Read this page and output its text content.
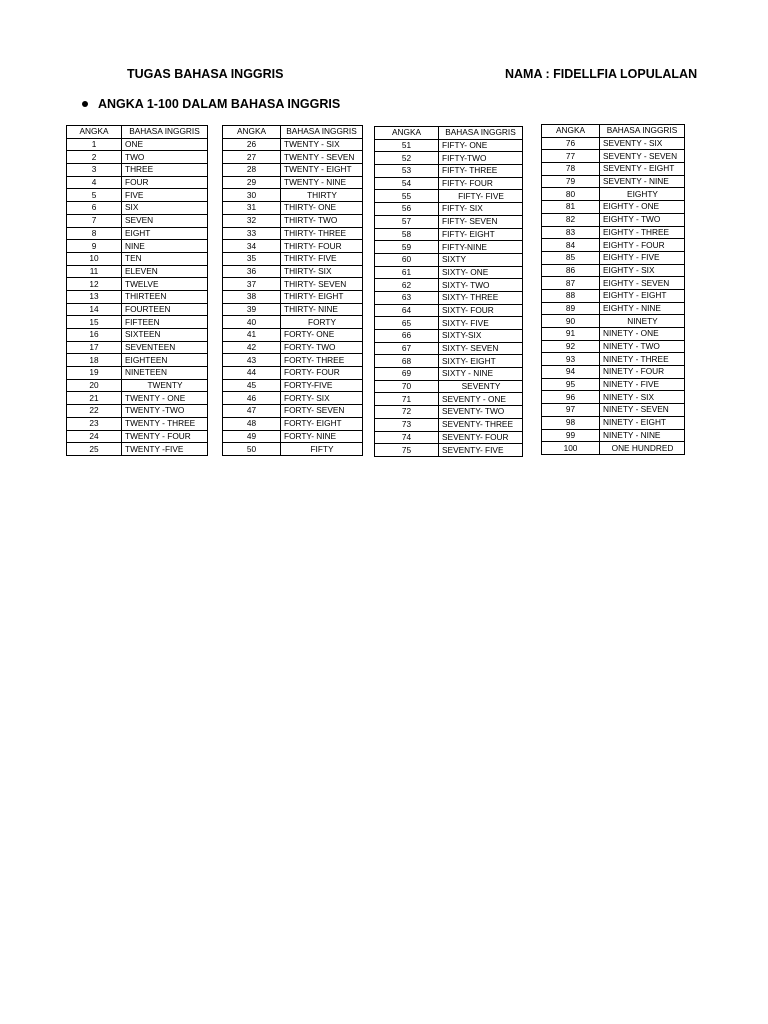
TUGAS BAHASA INGGRIS	NAMA : FIDELLFIA LOPULALAN
ANGKA 1-100 DALAM BAHASA INGGRIS
ANGKA	BAHASA INGGRIS
1	ONE
2	TWO
3	THREE
4	FOUR
5	FIVE
6	SIX
7	SEVEN
8	EIGHT
9	NINE
10	TEN
11	ELEVEN
12	TWELVE
13	THIRTEEN
14	FOURTEEN
15	FIFTEEN
16	SIXTEEN
17	SEVENTEEN
18	EIGHTEEN
19	NINETEEN
20	TWENTY
21	TWENTY - ONE
22	TWENTY -TWO
23	TWENTY - THREE
24	TWENTY - FOUR
25	TWENTY -FIVE
ANGKA	BAHASA INGGRIS
26	TWENTY - SIX
27	TWENTY - SEVEN
28	TWENTY - EIGHT
29	TWENTY - NINE
30	THIRTY
31	THIRTY- ONE
32	THIRTY- TWO
33	THIRTY- THREE
34	THIRTY- FOUR
35	THIRTY- FIVE
36	THIRTY- SIX
37	THIRTY- SEVEN
38	THIRTY- EIGHT
39	THIRTY- NINE
40	FORTY
41	FORTY- ONE
42	FORTY- TWO
43	FORTY- THREE
44	FORTY- FOUR
45	FORTY-FIVE
46	FORTY- SIX
47	FORTY- SEVEN
48	FORTY- EIGHT
49	FORTY- NINE
50	FIFTY
ANGKA	BAHASA INGGRIS
51	FIFTY- ONE
52	FIFTY-TWO
53	FIFTY- THREE
54	FIFTY- FOUR
55	FIFTY- FIVE
56	FIFTY- SIX
57	FIFTY- SEVEN
58	FIFTY- EIGHT
59	FIFTY-NINE
60	SIXTY
61	SIXTY- ONE
62	SIXTY- TWO
63	SIXTY- THREE
64	SIXTY- FOUR
65	SIXTY- FIVE
66	SIXTY-SIX
67	SIXTY- SEVEN
68	SIXTY- EIGHT
69	SIXTY - NINE
70	SEVENTY
71	SEVENTY - ONE
72	SEVENTY- TWO
73	SEVENTY- THREE
74	SEVENTY- FOUR
75	SEVENTY- FIVE
ANGKA	BAHASA INGGRIS
76	SEVENTY - SIX
77	SEVENTY - SEVEN
78	SEVENTY - EIGHT
79	SEVENTY - NINE
80	EIGHTY
81	EIGHTY - ONE
82	EIGHTY - TWO
83	EIGHTY - THREE
84	EIGHTY - FOUR
85	EIGHTY - FIVE
86	EIGHTY - SIX
87	EIGHTY - SEVEN
88	EIGHTY - EIGHT
89	EIGHTY - NINE
90	NINETY
91	NINETY - ONE
92	NINETY - TWO
93	NINETY - THREE
94	NINETY - FOUR
95	NINETY - FIVE
96	NINETY - SIX
97	NINETY - SEVEN
98	NINETY - EIGHT
99	NINETY - NINE
100	ONE HUNDRED
